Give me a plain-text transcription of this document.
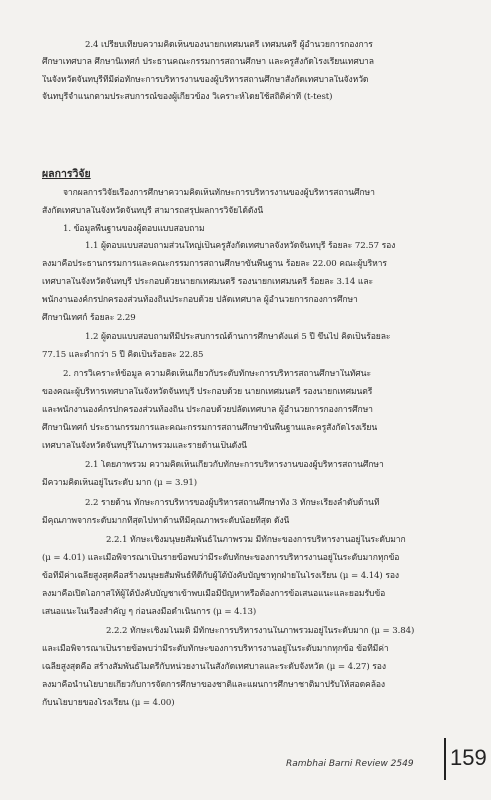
2.4 เปรียบเทียบความคิดเห็นของนายกเทศมนตรี เทศมนตรี ผู้อำนวยการกองการ
ศึกษาเทศบาล ศึกษานิเทศก์ ประธานคณะกรรมการสถานศึกษา และครูสังกัดโรงเรียนเทศบาล
ในจังหวัดจันทบุรีที่มีต่อทักษะการบริหารงานของผู้บริหารสถานศึกษาสังกัดเทศบาลในจังหวัด
จันทบุรีจำแนกตามประสบการณ์ของผู้เกี่ยวข้อง วิเคราะห์โดยใช้สถิติค่าที (t-test)
ผลการวิจัย
จากผลการวิจัยเรื่องการศึกษาความคิดเห็นทักษะการบริหารงานของผู้บริหารสถานศึกษา
สังกัดเทศบาลในจังหวัดจันทบุรี สามารถสรุปผลการวิจัยได้ดังนี้
1. ข้อมูลพื้นฐานของผู้ตอบแบบสอบถาม
1.1 ผู้ตอบแบบสอบถามส่วนใหญ่เป็นครูสังกัดเทศบาลจังหวัดจันทบุรี ร้อยละ 72.57 รอง
ลงมาคือประธานกรรมการและคณะกรรมการสถานศึกษาขั้นพื้นฐาน ร้อยละ 22.00 คณะผู้บริหาร
เทศบาลในจังหวัดจันทบุรี ประกอบด้วยนายกเทศมนตรี รองนายกเทศมนตรี ร้อยละ 3.14 และ
พนักงานองค์กรปกครองส่วนท้องถิ่นประกอบด้วย ปลัดเทศบาล ผู้อำนวยการกองการศึกษา
ศึกษานิเทศก์ ร้อยละ 2.29
1.2 ผู้ตอบแบบสอบถามที่มีประสบการณ์ด้านการศึกษาตั้งแต่ 5 ปี ขึ้นไป คิดเป็นร้อยละ
77.15 และต่ำกว่า 5 ปี คิดเป็นร้อยละ 22.85
2. การวิเคราะห์ข้อมูล ความคิดเห็นเกี่ยวกับระดับทักษะการบริหารสถานศึกษาในทัศนะ
ของคณะผู้บริหารเทศบาลในจังหวัดจันทบุรี ประกอบด้วย นายกเทศมนตรี รองนายกเทศมนตรี
และพนักงานองค์กรปกครองส่วนท้องถิ่น ประกอบด้วยปลัดเทศบาล ผู้อำนวยการกองการศึกษา
ศึกษานิเทศก์ ประธานกรรมการและคณะกรรมการสถานศึกษาขั้นพื้นฐานและครูสังกัดโรงเรียน
เทศบาลในจังหวัดจันทบุรีในภาพรวมและรายด้านเป็นดังนี้
2.1 โดยภาพรวม ความคิดเห็นเกี่ยวกับทักษะการบริหารงานของผู้บริหารสถานศึกษา
มีความคิดเห็นอยู่ในระดับ มาก (μ = 3.91)
2.2 รายด้าน ทักษะการบริหารของผู้บริหารสถานศึกษาทั้ง 3 ทักษะเรียงลำดับด้านที่
มีคุณภาพจากระดับมากที่สุดไปหาด้านที่มีคุณภาพระดับน้อยที่สุด ดังนี้
2.2.1 ทักษะเชิงมนุษยสัมพันธ์ในภาพรวม มีทักษะของการบริหารงานอยู่ในระดับมาก
(μ = 4.01) และเมื่อพิจารณาเป็นรายข้อพบว่ามีระดับทักษะของการบริหารงานอยู่ในระดับมากทุกข้อ
ข้อที่มีค่าเฉลี่ยสูงสุดคือสร้างมนุษยสัมพันธ์ที่ดีกับผู้ใต้บังคับบัญชาทุกฝ่ายในโรงเรียน (μ = 4.14) รอง
ลงมาคือเปิดโอกาสให้ผู้ใต้บังคับบัญชาเข้าพบเมื่อมีปัญหาหรือต้องการข้อเสนอแนะและยอมรับข้อ
เสนอแนะในเรื่องสำคัญ ๆ ก่อนลงมือดำเนินการ (μ = 4.13)
2.2.2 ทักษะเชิงมโนมติ มีทักษะการบริหารงานในภาพรวมอยู่ในระดับมาก (μ = 3.84)
และเมื่อพิจารณาเป็นรายข้อพบว่ามีระดับทักษะของการบริหารงานอยู่ในระดับมากทุกข้อ ข้อที่มีค่า
เฉลี่ยสูงสุดคือ สร้างสัมพันธ์ไมตรีกับหน่วยงานในสังกัดเทศบาลและระดับจังหวัด (μ = 4.27) รอง
ลงมาคือนำนโยบายเกี่ยวกับการจัดการศึกษาของชาติและแผนการศึกษาชาติมาปรับให้สอดคล้อง
กับนโยบายของโรงเรียน (μ = 4.00)
Rambhai Barni Review 2549 159
